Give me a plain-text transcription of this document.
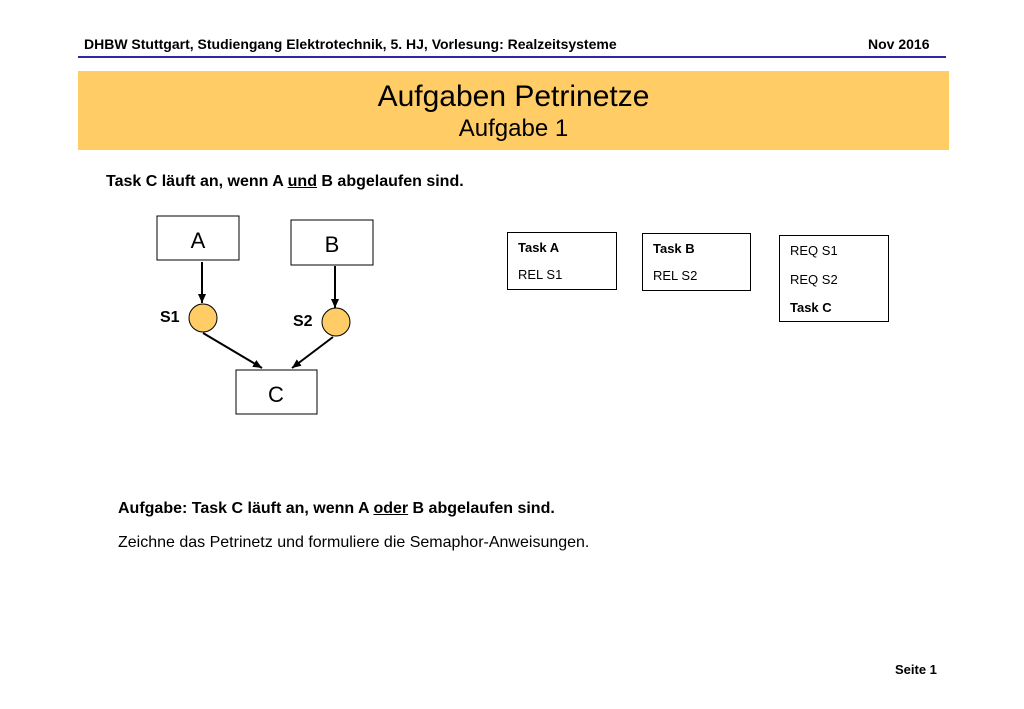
DHBW Stuttgart, Studiengang Elektrotechnik, 5. HJ, Vorlesung: Realzeitsysteme	Nov 2016
Aufgaben Petrinetze
Aufgabe 1
Task C läuft an, wenn A und B abgelaufen sind.
A	B
C
S1	S2
Task A
REL S1
Task B
REL S2
REQ S1
REQ S2
Task C
Aufgabe: Task C läuft an, wenn A oder B abgelaufen sind.
Zeichne das Petrinetz und formuliere die Semaphor-Anweisungen.
Seite 1
